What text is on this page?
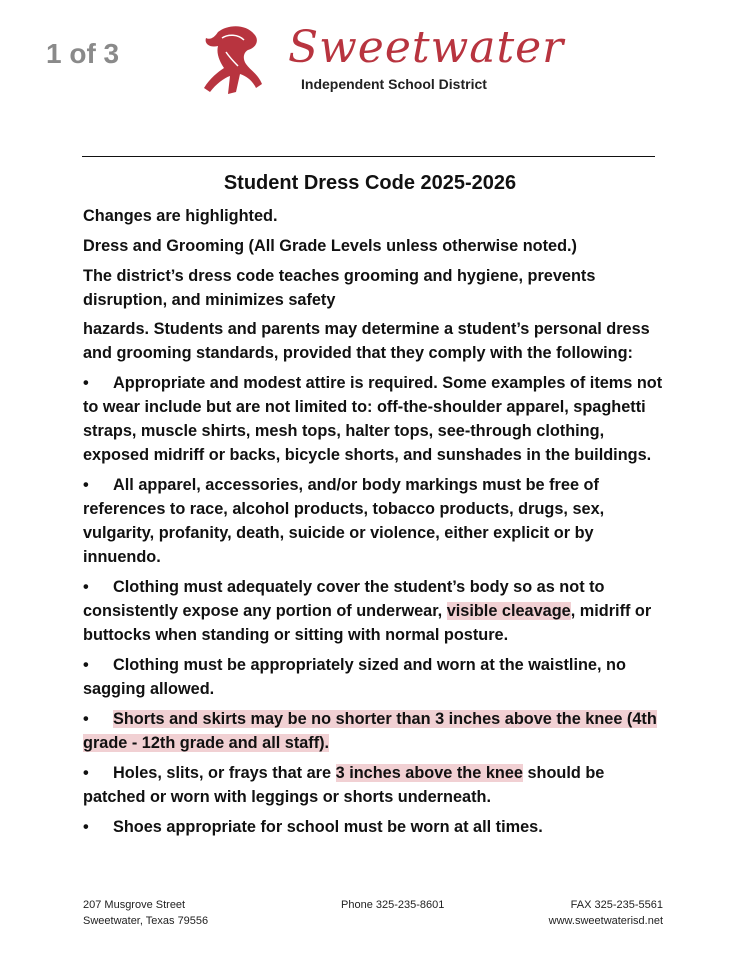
1 of 3	Sweetwater
Independent School District
Student Dress Code 2025-2026

Changes are highlighted.

Dress and Grooming (All Grade Levels unless otherwise noted.)

The district’s dress code teaches grooming and hygiene, prevents disruption, and minimizes safety

hazards. Students and parents may determine a student’s personal dress and grooming standards, provided that they comply with the following:

• Appropriate and modest attire is required. Some examples of items not to wear include but are not limited to: off-the-shoulder apparel, spaghetti straps, muscle shirts, mesh tops, halter tops, see-through clothing, exposed midriff or backs, bicycle shorts, and sunshades in the buildings.

• All apparel, accessories, and/or body markings must be free of references to race, alcohol products, tobacco products, drugs, sex, vulgarity, profanity, death, suicide or violence, either explicit or by innuendo.

• Clothing must adequately cover the student’s body so as not to consistently expose any portion of underwear, visible cleavage, midriff or buttocks when standing or sitting with normal posture.

• Clothing must be appropriately sized and worn at the waistline, no sagging allowed.

• Shorts and skirts may be no shorter than 3 inches above the knee (4th grade - 12th grade and all staff).

• Holes, slits, or frays that are 3 inches above the knee should be patched or worn with leggings or shorts underneath.

• Shoes appropriate for school must be worn at all times.

207 Musgrove Street
Sweetwater, Texas 79556
Phone 325-235-8601	FAX 325-235-5561
www.sweetwaterisd.net
